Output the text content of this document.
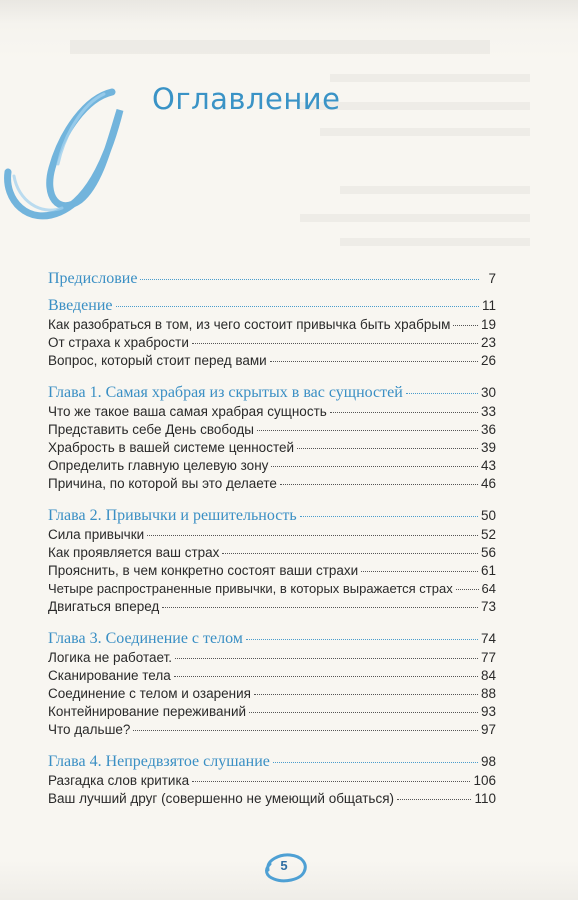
Оглавление
Предисловие	7
Введение	11
Как разобраться в том, из чего состоит привычка быть храбрым 19
От страха к храбрости	23
Вопрос, который стоит перед вами	26
Глава 1. Самая храбрая из скрытых в вас сущностей	30
Что же такое ваша самая храбрая сущность	33
Представить себе День свободы	36
Храбрость в вашей системе ценностей	39
Определить главную целевую зону	43
Причина, по которой вы это делаете	46
Глава 2. Привычки и решительность	50
Сила привычки	52
Как проявляется ваш страх	56
Прояснить, в чем конкретно состоят ваши страхи	61
Четыре распространенные привычки, в которых выражается страх 64
Двигаться вперед	73
Глава 3. Соединение с телом	74
Логика не работает.	77
Сканирование тела	84
Соединение с телом и озарения	88
Контейнирование переживаний	93
Что дальше?	97
Глава 4. Непредвзятое слушание	98
Разгадка слов критика	106
Ваш лучший друг (совершенно не умеющий общаться)	110
5
